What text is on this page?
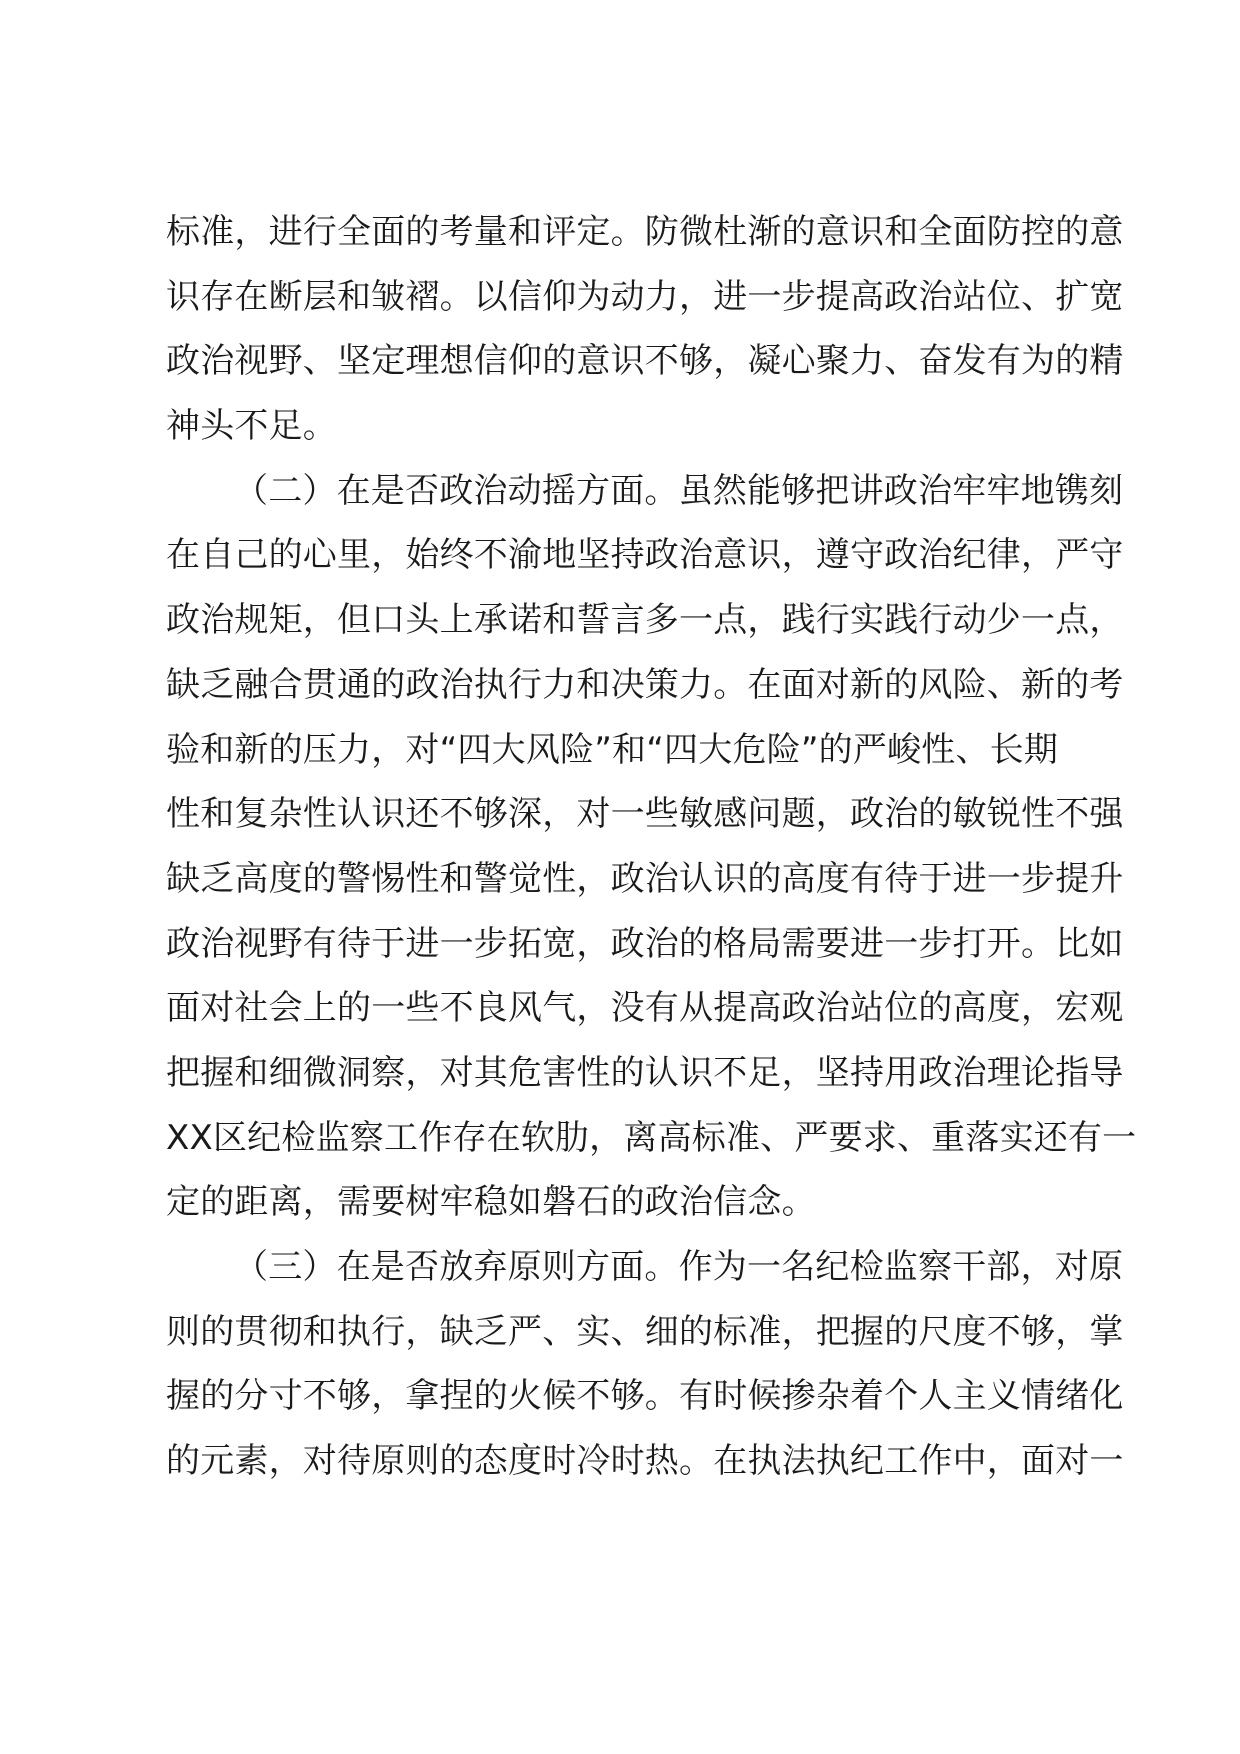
标准，进行全面的考量和评定。防微杜渐的意识和全面防控的意
识存在断层和皱褶。以信仰为动力，进一步提高政治站位、扩宽
政治视野、坚定理想信仰的意识不够，凝心聚力、奋发有为的精
神头不足。
（二）在是否政治动摇方面。虽然能够把讲政治牢牢地镌刻
在自己的心里，始终不渝地坚持政治意识，遵守政治纪律，严守
政治规矩，但口头上承诺和誓言多一点，践行实践行动少一点，
缺乏融合贯通的政治执行力和决策力。在面对新的风险、新的考
验和新的压力，对“四大风险”和“四大危险”的严峻性、长期
性和复杂性认识还不够深，对一些敏感问题，政治的敏锐性不强
缺乏高度的警惕性和警觉性，政治认识的高度有待于进一步提升
政治视野有待于进一步拓宽，政治的格局需要进一步打开。比如
面对社会上的一些不良风气，没有从提高政治站位的高度，宏观
把握和细微洞察，对其危害性的认识不足，坚持用政治理论指导
XX区纪检监察工作存在软肋，离高标准、严要求、重落实还有一
定的距离，需要树牢稳如磐石的政治信念。
（三）在是否放弃原则方面。作为一名纪检监察干部，对原
则的贯彻和执行，缺乏严、实、细的标准，把握的尺度不够，掌
握的分寸不够，拿捏的火候不够。有时候掺杂着个人主义情绪化
的元素，对待原则的态度时冷时热。在执法执纪工作中，面对一
